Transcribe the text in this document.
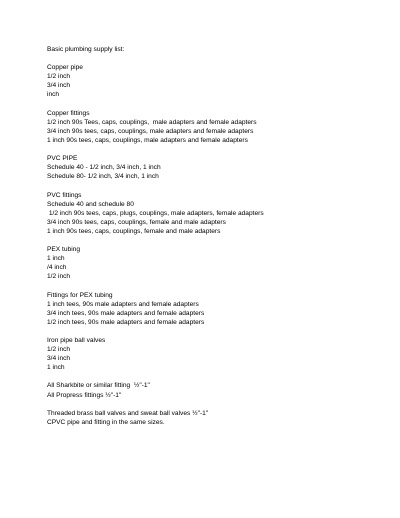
Basic plumbing supply list:
Copper pipe
1/2 inch
3/4 inch
inch
Copper fittings
1/2 inch 90s Tees, caps, couplings,  male adapters and female adapters
3/4 inch 90s tees, caps, couplings, male adapters and female adapters
1 inch 90s tees, caps, couplings, male adapters and female adapters
PVC PIPE
Schedule 40 - 1/2 inch, 3/4 inch, 1 inch
Schedule 80- 1/2 inch, 3/4 inch, 1 inch
PVC fittings
Schedule 40 and schedule 80
1/2 inch 90s tees, caps, plugs, couplings, male adapters, female adapters
3/4 inch 90s tees, caps, couplings, female and male adapters
1 inch 90s tees, caps, couplings, female and male adapters
PEX tubing
1 inch
/4 inch
1/2 inch
Fittings for PEX tubing
1 inch tees, 90s male adapters and female adapters
3/4 inch tees, 90s male adapters and female adapters
1/2 inch tees, 90s male adapters and female adapters
Iron pipe ball valves
1/2 inch
3/4 inch
1 inch
All Sharkbite or similar fitting  ½"-1"
All Propress fittings ½"-1"
Threaded brass ball valves and sweat ball valves ½"-1"
CPVC pipe and fitting in the same sizes.
